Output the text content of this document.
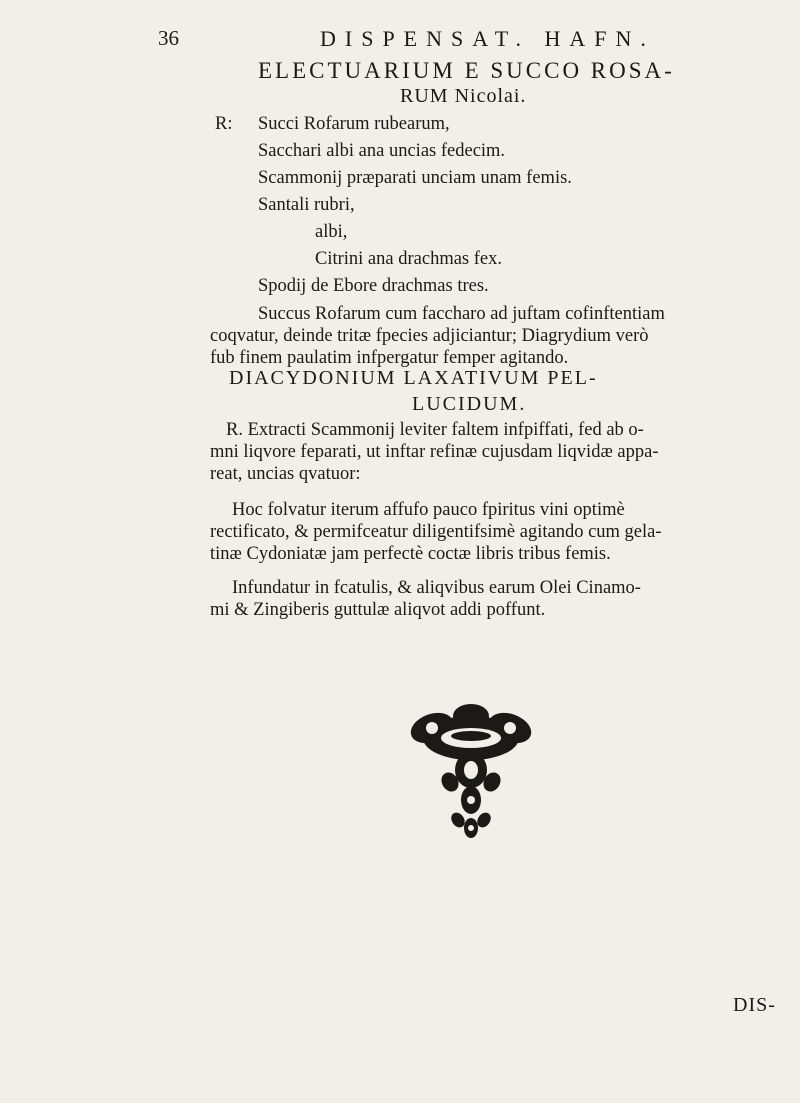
36	DISPENSAT. HAFN.
ELECTUARIUM E SUCCO ROSA-
RUM Nicolai.
R: Succi Rofarum rubearum,
Sacchari albi ana uncias fedecim.
Scammonij præparati unciam unam femis.
Santali rubri,
albi,
Citrini ana drachmas fex.
Spodij de Ebore drachmas tres.
Succus Rofarum cum faccharo ad juftam cofinftentiam
coqvatur, deinde tritæ fpecies adjiciantur; Diagrydium verò
fub finem paulatim infpergatur femper agitando.
DIACYDONIUM LAXATIVUM PEL-
LUCIDUM.
R. Extracti Scammonij leviter faltem infpiffati, fed ab o-
mni liqvore feparati, ut inftar refinæ cujusdam liqvidæ appa-
reat, uncias qvatuor:
Hoc folvatur iterum affufo pauco fpiritus vini optimè
rectificato, & permifceatur diligentifsimè agitando cum gela-
tinæ Cydoniatæ jam perfectè coctæ libris tribus femis.
Infundatur in fcatulis, & aliqvibus earum Olei Cinamo-
mi & Zingiberis guttulæ aliqvot addi poffunt.
DIS-
